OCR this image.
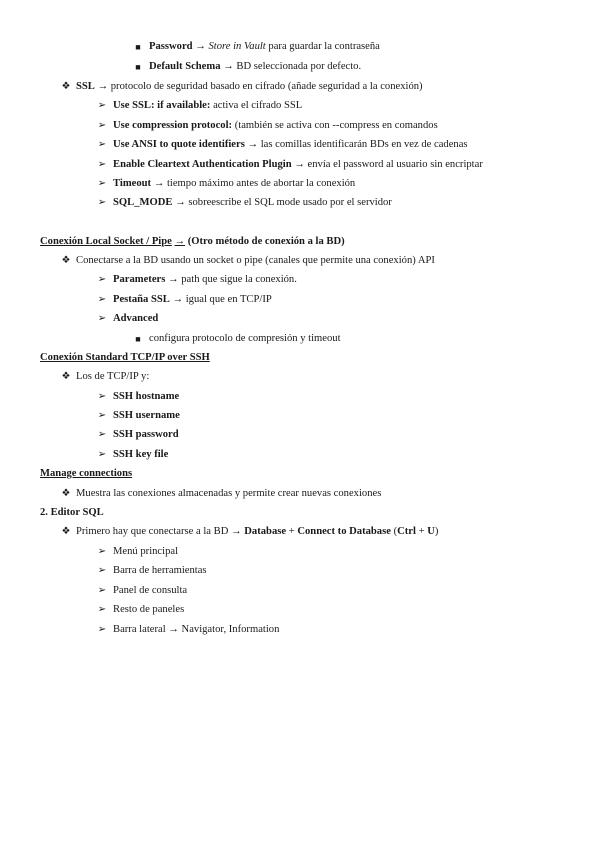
■ Password → Store in Vault para guardar la contraseña
■ Default Schema → BD seleccionada por defecto.
❖ SSL → protocolo de seguridad basado en cifrado (añade seguridad a la conexión)
➢ Use SSL: if available: activa el cifrado SSL
➢ Use compression protocol: (también se activa con --compress en comandos
➢ Use ANSI to quote identifiers → las comillas identificarán BDs en vez de cadenas
➢ Enable Cleartext Authentication Plugin → envía el password al usuario sin encriptar
➢ Timeout → tiempo máximo antes de abortar la conexión
➢ SQL_MODE → sobreescribe el SQL mode usado por el servidor
Conexión Local Socket / Pipe → (Otro método de conexión a la BD)
❖ Conectarse a la BD usando un socket o pipe (canales que permite una conexión) API
➢ Parameters → path que sigue la conexión.
➢ Pestaña SSL → igual que en TCP/IP
➢ Advanced
■ configura protocolo de compresión y timeout
Conexión Standard TCP/IP over SSH
❖ Los de TCP/IP y:
➢ SSH hostname
➢ SSH username
➢ SSH password
➢ SSH key file
Manage connections
❖ Muestra las conexiones almacenadas y permite crear nuevas conexiones
2. Editor SQL
❖ Primero hay que conectarse a la BD → Database + Connect to Database (Ctrl + U)
➢ Menú principal
➢ Barra de herramientas
➢ Panel de consulta
➢ Resto de paneles
➢ Barra lateral → Navigator, Information
